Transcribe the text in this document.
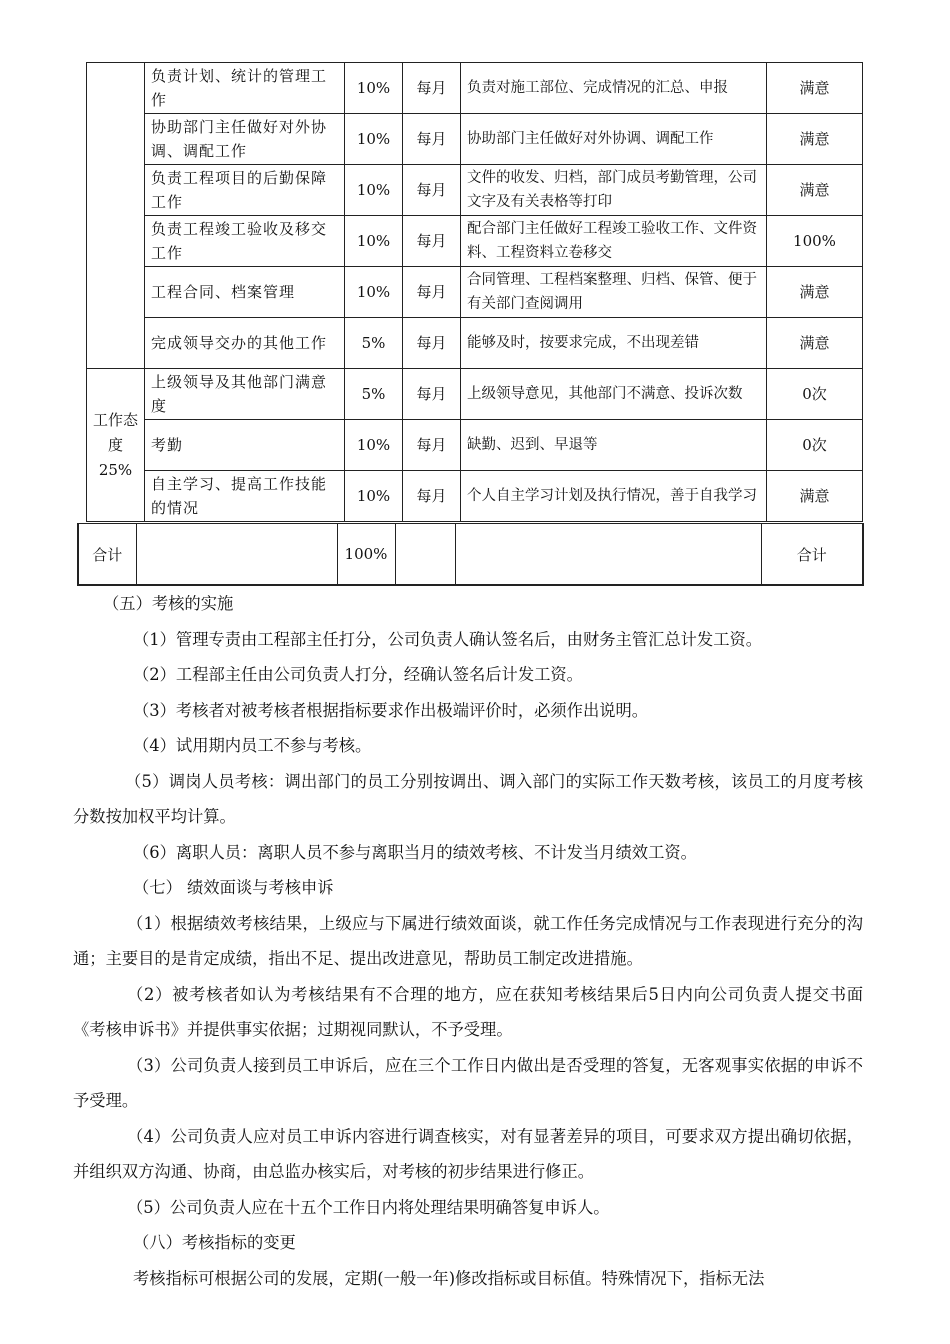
	负责计划、统计的管理工作	10%	每月	负责对施工部位、完成情况的汇总、申报	满意
	协助部门主任做好对外协调、调配工作	10%	每月	协助部门主任做好对外协调、调配工作	满意
	负责工程项目的后勤保障工作	10%	每月	文件的收发、归档，部门成员考勤管理，公司文字及有关表格等打印	满意
	负责工程竣工验收及移交工作	10%	每月	配合部门主任做好工程竣工验收工作、文件资料、工程资料立卷移交	100%
	工程合同、档案管理	10%	每月	合同管理、工程档案整理、归档、保管、便于有关部门查阅调用	满意
	完成领导交办的其他工作	5%	每月	能够及时，按要求完成，不出现差错	满意
工作态度25%	上级领导及其他部门满意度	5%	每月	上级领导意见，其他部门不满意、投诉次数	0次
	考勤	10%	每月	缺勤、迟到、早退等	0次
	自主学习、提高工作技能的情况	10%	每月	个人自主学习计划及执行情况，善于自我学习	满意
合计		100%			合计

（五）考核的实施

（1）管理专责由工程部主任打分，公司负责人确认签名后，由财务主管汇总计发工资。

（2）工程部主任由公司负责人打分，经确认签名后计发工资。

（3）考核者对被考核者根据指标要求作出极端评价时，必须作出说明。

（4）试用期内员工不参与考核。

（5）调岗人员考核：调出部门的员工分别按调出、调入部门的实际工作天数考核，该员工的月度考核分数按加权平均计算。

（6）离职人员：离职人员不参与离职当月的绩效考核、不计发当月绩效工资。

（七） 绩效面谈与考核申诉

（1）根据绩效考核结果，上级应与下属进行绩效面谈，就工作任务完成情况与工作表现进行充分的沟通；主要目的是肯定成绩，指出不足、提出改进意见，帮助员工制定改进措施。

（2）被考核者如认为考核结果有不合理的地方，应在获知考核结果后5日内向公司负责人提交书面《考核申诉书》并提供事实依据；过期视同默认，不予受理。

（3）公司负责人接到员工申诉后，应在三个工作日内做出是否受理的答复，无客观事实依据的申诉不予受理。

（4）公司负责人应对员工申诉内容进行调查核实，对有显著差异的项目，可要求双方提出确切依据，并组织双方沟通、协商，由总监办核实后，对考核的初步结果进行修正。

（5）公司负责人应在十五个工作日内将处理结果明确答复申诉人。

（八）考核指标的变更

考核指标可根据公司的发展，定期(一般一年)修改指标或目标值。特殊情况下，指标无法
